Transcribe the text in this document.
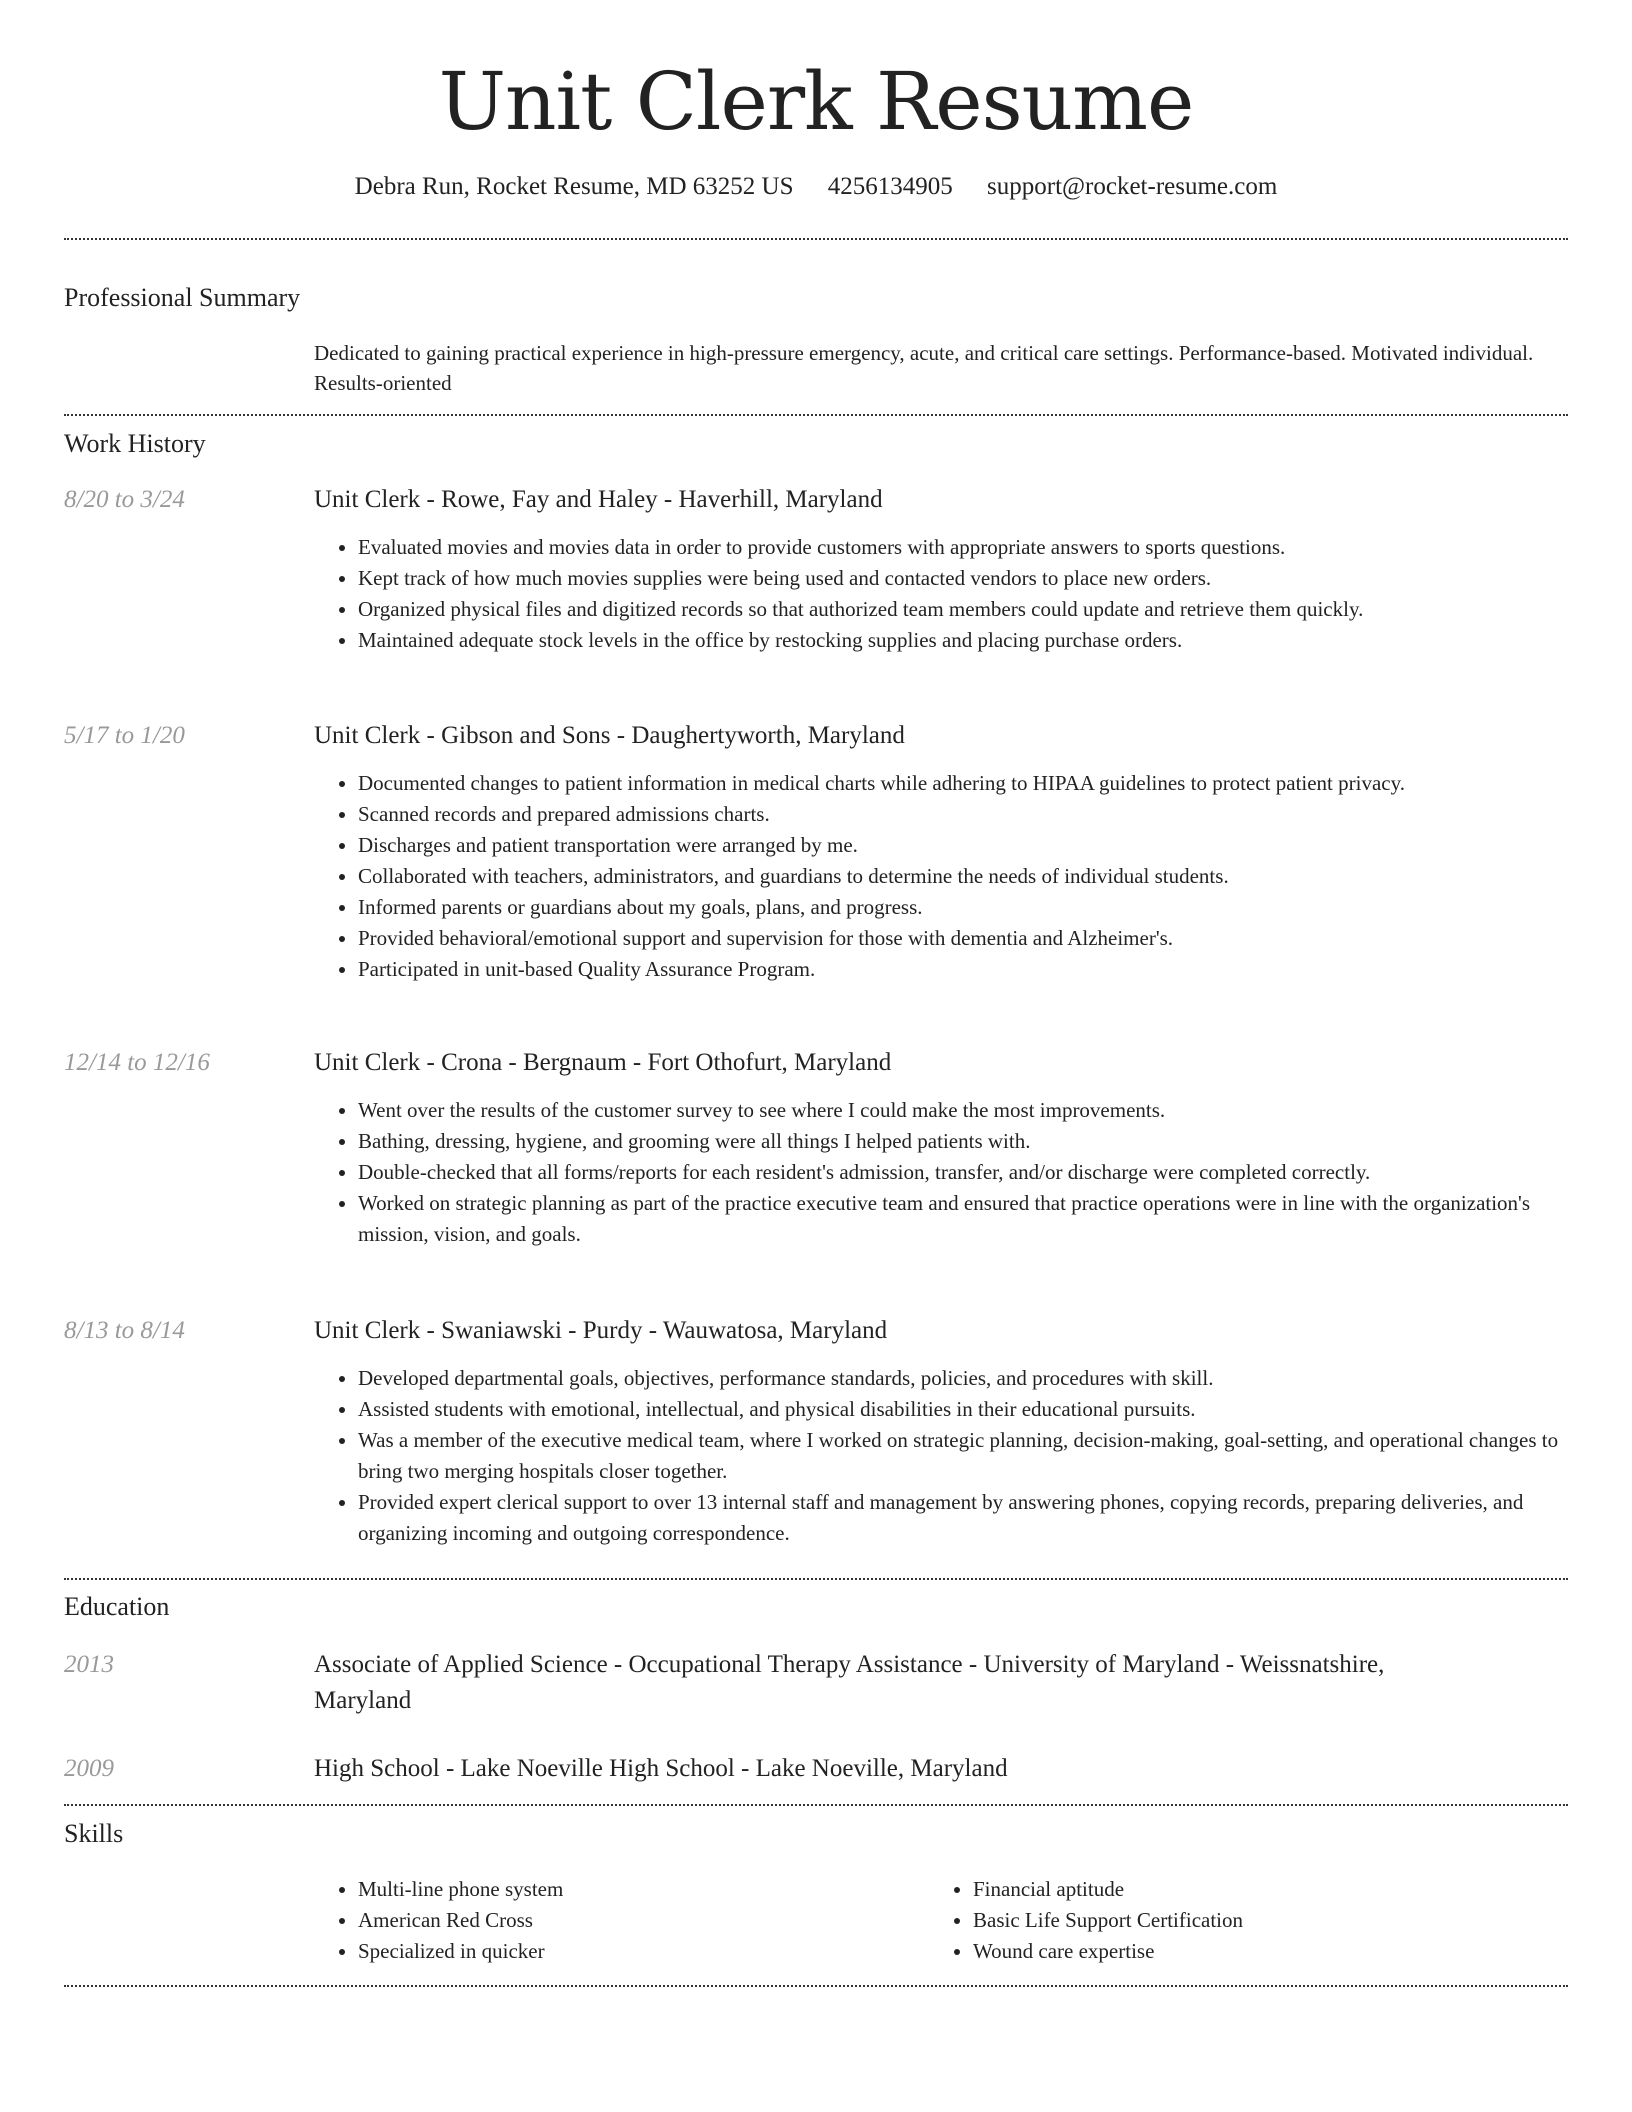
Unit Clerk Resume
Debra Run, Rocket Resume, MD 63252 US 4256134905 support@rocket-resume.com
Professional Summary
Dedicated to gaining practical experience in high-pressure emergency, acute, and critical care settings. Performance-based. Motivated individual. Results-oriented
Work History
8/20 to 3/24	Unit Clerk - Rowe, Fay and Haley - Haverhill, Maryland
• Evaluated movies and movies data in order to provide customers with appropriate answers to sports questions.
• Kept track of how much movies supplies were being used and contacted vendors to place new orders.
• Organized physical files and digitized records so that authorized team members could update and retrieve them quickly.
• Maintained adequate stock levels in the office by restocking supplies and placing purchase orders.
5/17 to 1/20	Unit Clerk - Gibson and Sons - Daughertyworth, Maryland
• Documented changes to patient information in medical charts while adhering to HIPAA guidelines to protect patient privacy.
• Scanned records and prepared admissions charts.
• Discharges and patient transportation were arranged by me.
• Collaborated with teachers, administrators, and guardians to determine the needs of individual students.
• Informed parents or guardians about my goals, plans, and progress.
• Provided behavioral/emotional support and supervision for those with dementia and Alzheimer's.
• Participated in unit-based Quality Assurance Program.
12/14 to 12/16	Unit Clerk - Crona - Bergnaum - Fort Othofurt, Maryland
• Went over the results of the customer survey to see where I could make the most improvements.
• Bathing, dressing, hygiene, and grooming were all things I helped patients with.
• Double-checked that all forms/reports for each resident's admission, transfer, and/or discharge were completed correctly.
• Worked on strategic planning as part of the practice executive team and ensured that practice operations were in line with the organization's mission, vision, and goals.
8/13 to 8/14	Unit Clerk - Swaniawski - Purdy - Wauwatosa, Maryland
• Developed departmental goals, objectives, performance standards, policies, and procedures with skill.
• Assisted students with emotional, intellectual, and physical disabilities in their educational pursuits.
• Was a member of the executive medical team, where I worked on strategic planning, decision-making, goal-setting, and operational changes to bring two merging hospitals closer together.
• Provided expert clerical support to over 13 internal staff and management by answering phones, copying records, preparing deliveries, and organizing incoming and outgoing correspondence.
Education
2013	Associate of Applied Science - Occupational Therapy Assistance - University of Maryland - Weissnatshire, Maryland
2009	High School - Lake Noeville High School - Lake Noeville, Maryland
Skills
• Multi-line phone system
• American Red Cross
• Specialized in quicker
• Financial aptitude
• Basic Life Support Certification
• Wound care expertise
